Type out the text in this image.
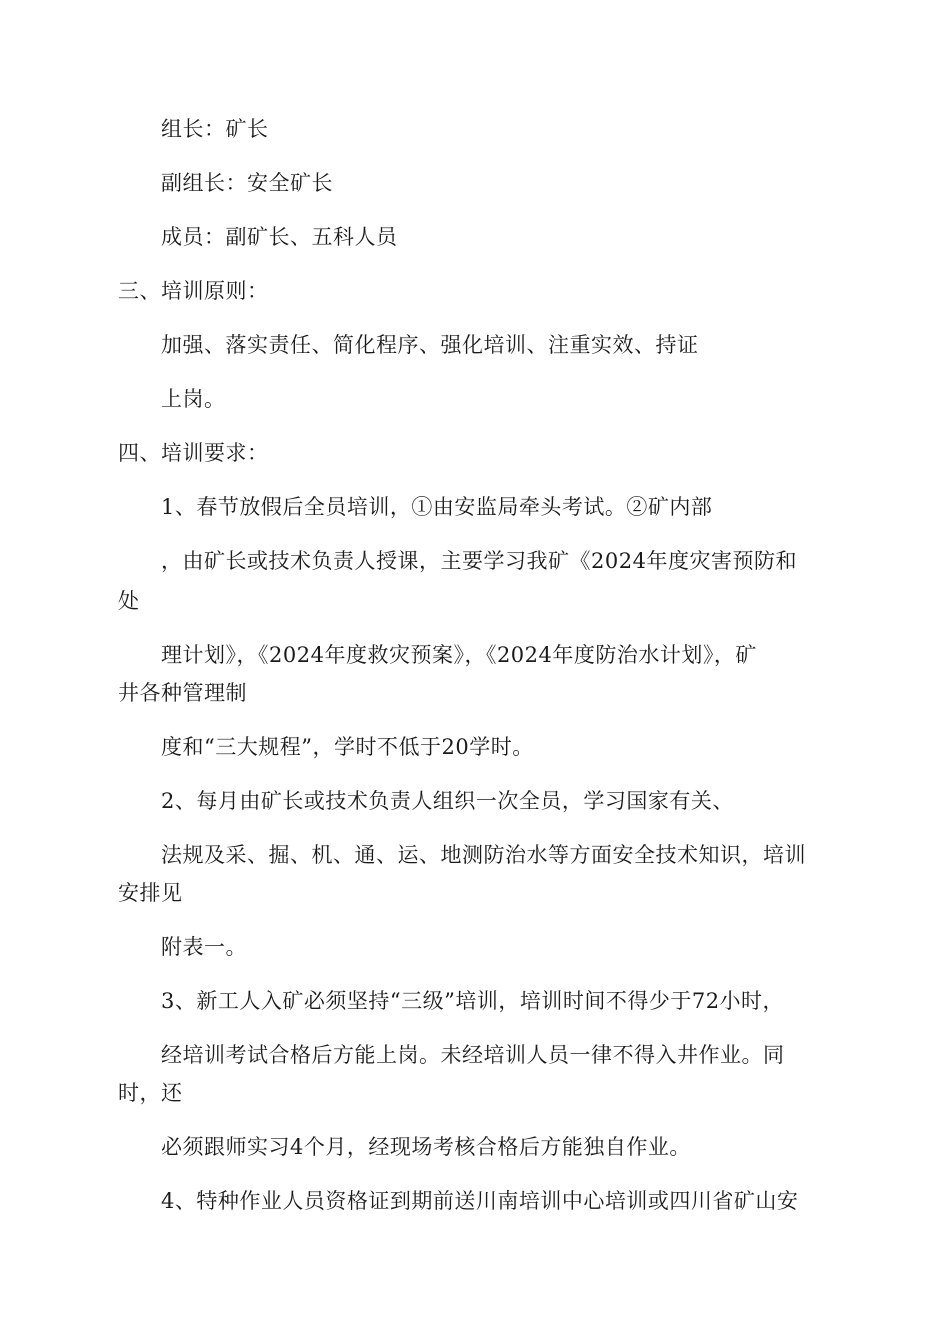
组长：矿长
副组长：安全矿长
成员：副矿长、五科人员
三、培训原则：
加强、落实责任、简化程序、强化培训、注重实效、持证
上岗。
四、培训要求：
1、春节放假后全员培训，①由安监局牵头考试。②矿内部
，由矿长或技术负责人授课，主要学习我矿《2024年度灾害预防和
处
理计划》，《2024年度救灾预案》，《2024年度防治水计划》，矿
井各种管理制
度和“三大规程”，学时不低于20学时。
2、每月由矿长或技术负责人组织一次全员，学习国家有关、
法规及采、掘、机、通、运、地测防治水等方面安全技术知识，培训
安排见
附表一。
3、新工人入矿必须坚持“三级”培训，培训时间不得少于72小时，
经培训考试合格后方能上岗。未经培训人员一律不得入井作业。同
时，还
必须跟师实习4个月，经现场考核合格后方能独自作业。
4、特种作业人员资格证到期前送川南培训中心培训或四川省矿山安
